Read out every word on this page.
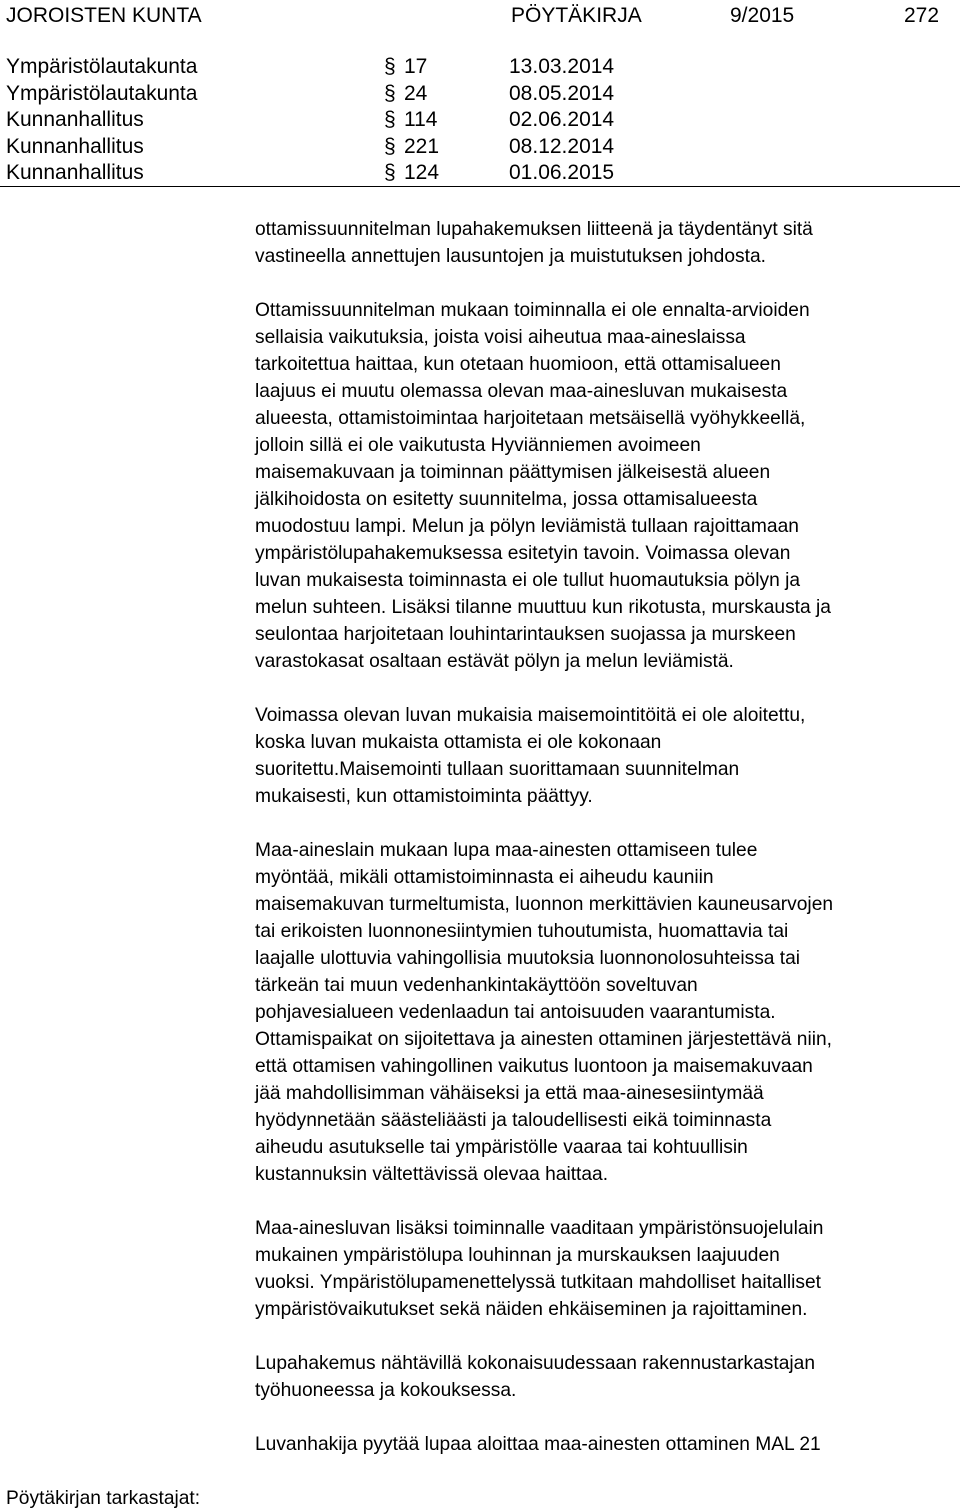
JOROISTEN KUNTA	PÖYTÄKIRJA	9/2015	272
Ympäristölautakunta	§ 17	13.03.2014
Ympäristölautakunta	§ 24	08.05.2014
Kunnanhallitus	§ 114	02.06.2014
Kunnanhallitus	§ 221	08.12.2014
Kunnanhallitus	§ 124	01.06.2015

ottamissuunnitelman lupahakemuksen liitteenä ja täydentänyt sitä
vastineella annettujen lausuntojen ja muistutuksen johdosta.

Ottamissuunnitelman mukaan toiminnalla ei ole ennalta-arvioiden
sellaisia vaikutuksia, joista voisi aiheutua maa-aineslaissa
tarkoitettua haittaa, kun otetaan huomioon, että ottamisalueen
laajuus ei muutu olemassa olevan maa-ainesluvan mukaisesta
alueesta, ottamistoimintaa harjoitetaan metsäisellä vyöhykkeellä,
jolloin sillä ei ole vaikutusta Hyviänniemen avoimeen
maisemakuvaan ja toiminnan päättymisen jälkeisestä alueen
jälkihoidosta on esitetty suunnitelma, jossa ottamisalueesta
muodostuu lampi. Melun ja pölyn leviämistä tullaan rajoittamaan
ympäristölupahakemuksessa esitetyin tavoin. Voimassa olevan
luvan mukaisesta toiminnasta ei ole tullut huomautuksia pölyn ja
melun suhteen. Lisäksi tilanne muuttuu kun rikotusta, murskausta ja
seulontaa harjoitetaan louhintarintauksen suojassa ja murskeen
varastokasat osaltaan estävät pölyn ja melun leviämistä.

Voimassa olevan luvan mukaisia maisemointitöitä ei ole aloitettu,
koska luvan mukaista ottamista ei ole kokonaan
suoritettu.Maisemointi tullaan suorittamaan suunnitelman
mukaisesti, kun ottamistoiminta päättyy.

Maa-aineslain mukaan lupa maa-ainesten ottamiseen tulee
myöntää, mikäli ottamistoiminnasta ei aiheudu kauniin
maisemakuvan turmeltumista, luonnon merkittävien kauneusarvojen
tai erikoisten luonnonesiintymien tuhoutumista, huomattavia tai
laajalle ulottuvia vahingollisia muutoksia luonnonolosuhteissa tai
tärkeän tai muun vedenhankintakäyttöön soveltuvan
pohjavesialueen vedenlaadun tai antoisuuden vaarantumista.
Ottamispaikat on sijoitettava ja ainesten ottaminen järjestettävä niin,
että ottamisen vahingollinen vaikutus luontoon ja maisemakuvaan
jää mahdollisimman vähäiseksi ja että maa-ainesesiintymää
hyödynnetään säästeliäästi ja taloudellisesti eikä toiminnasta
aiheudu asutukselle tai ympäristölle vaaraa tai kohtuullisin
kustannuksin vältettävissä olevaa haittaa.

Maa-ainesluvan lisäksi toiminnalle vaaditaan ympäristönsuojelulain
mukainen ympäristölupa louhinnan ja murskauksen laajuuden
vuoksi. Ympäristölupamenettelyssä tutkitaan mahdolliset haitalliset
ympäristövaikutukset sekä näiden ehkäiseminen ja rajoittaminen.

Lupahakemus nähtävillä kokonaisuudessaan rakennustarkastajan
työhuoneessa ja kokouksessa.

Luvanhakija pyytää lupaa aloittaa maa-ainesten ottaminen MAL 21

Pöytäkirjan tarkastajat:
